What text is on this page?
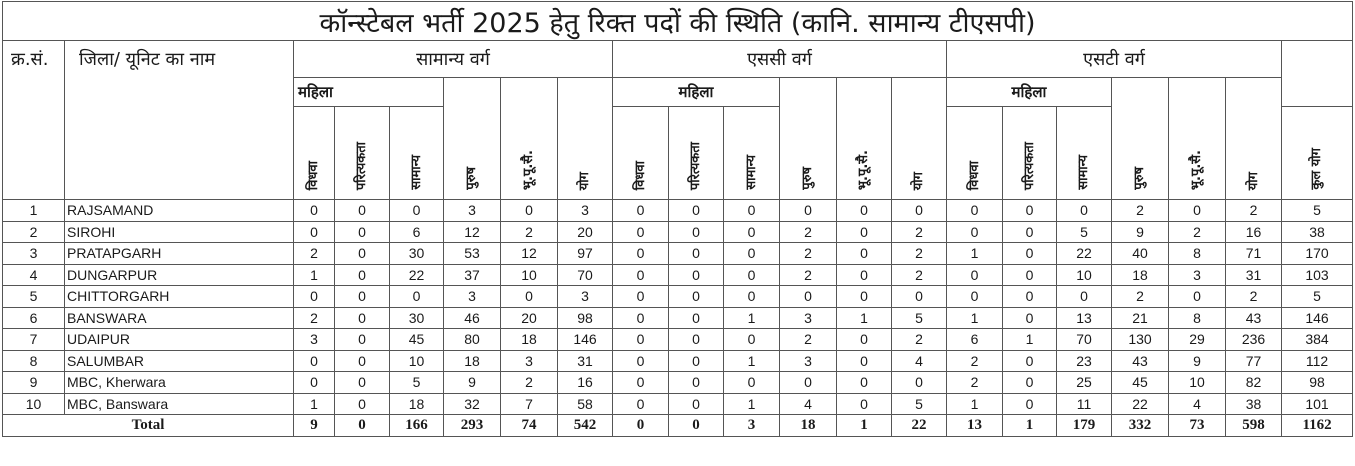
कॉन्स्टेबल भर्ती 2025 हेतु रिक्त पदों की स्थिति (कानि. सामान्य टीएसपी)																				
क्र.सं.	जिला/ यूनिट का नाम	सामान्य वर्ग						एससी वर्ग						एसटी वर्ग						
		महिला			पुरुष	भू.पू.सै.	योग	महिला			पुरुष	भू.पू.सै.	योग	महिला			पुरुष	भू.पू.सै.	योग	
		विधवा	परित्यकता	सामान्य				विधवा	परित्यकता	सामान्य				विधवा	परित्यकता	सामान्य				कुल योग
1	RAJSAMAND	0	0	0	3	0	3	0	0	0	0	0	0	0	0	0	2	0	2	5
2	SIROHI	0	0	6	12	2	20	0	0	0	2	0	2	0	0	5	9	2	16	38
3	PRATAPGARH	2	0	30	53	12	97	0	0	0	2	0	2	1	0	22	40	8	71	170
4	DUNGARPUR	1	0	22	37	10	70	0	0	0	2	0	2	0	0	10	18	3	31	103
5	CHITTORGARH	0	0	0	3	0	3	0	0	0	0	0	0	0	0	0	2	0	2	5
6	BANSWARA	2	0	30	46	20	98	0	0	1	3	1	5	1	0	13	21	8	43	146
7	UDAIPUR	3	0	45	80	18	146	0	0	0	2	0	2	6	1	70	130	29	236	384
8	SALUMBAR	0	0	10	18	3	31	0	0	1	3	0	4	2	0	23	43	9	77	112
9	MBC, Kherwara	0	0	5	9	2	16	0	0	0	0	0	0	2	0	25	45	10	82	98
10	MBC, Banswara	1	0	18	32	7	58	0	0	1	4	0	5	1	0	11	22	4	38	101
Total		9	0	166	293	74	542	0	0	3	18	1	22	13	1	179	332	73	598	1162
